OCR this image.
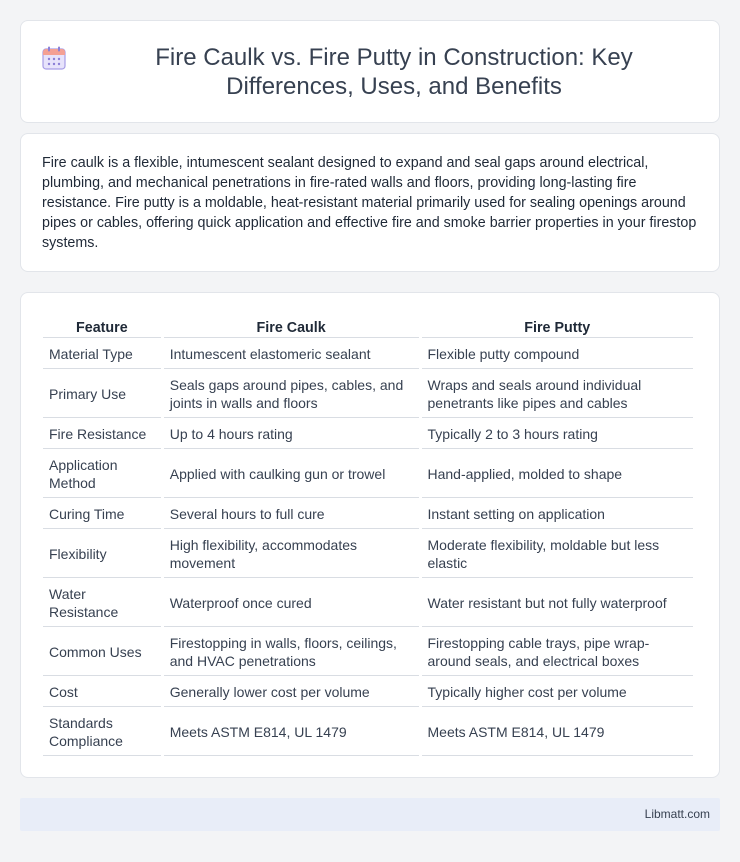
Fire Caulk vs. Fire Putty in Construction: Key Differences, Uses, and Benefits

Fire caulk is a flexible, intumescent sealant designed to expand and seal gaps around electrical, plumbing, and mechanical penetrations in fire-rated walls and floors, providing long-lasting fire resistance. Fire putty is a moldable, heat-resistant material primarily used for sealing openings around pipes or cables, offering quick application and effective fire and smoke barrier properties in your firestop systems.

Feature	Fire Caulk	Fire Putty
Material Type	Intumescent elastomeric sealant	Flexible putty compound
Primary Use	Seals gaps around pipes, cables, and joints in walls and floors	Wraps and seals around individual penetrants like pipes and cables
Fire Resistance	Up to 4 hours rating	Typically 2 to 3 hours rating
Application Method	Applied with caulking gun or trowel	Hand-applied, molded to shape
Curing Time	Several hours to full cure	Instant setting on application
Flexibility	High flexibility, accommodates movement	Moderate flexibility, moldable but less elastic
Water Resistance	Waterproof once cured	Water resistant but not fully waterproof
Common Uses	Firestopping in walls, floors, ceilings, and HVAC penetrations	Firestopping cable trays, pipe wrap-around seals, and electrical boxes
Cost	Generally lower cost per volume	Typically higher cost per volume
Standards Compliance	Meets ASTM E814, UL 1479	Meets ASTM E814, UL 1479
Libmatt.com
